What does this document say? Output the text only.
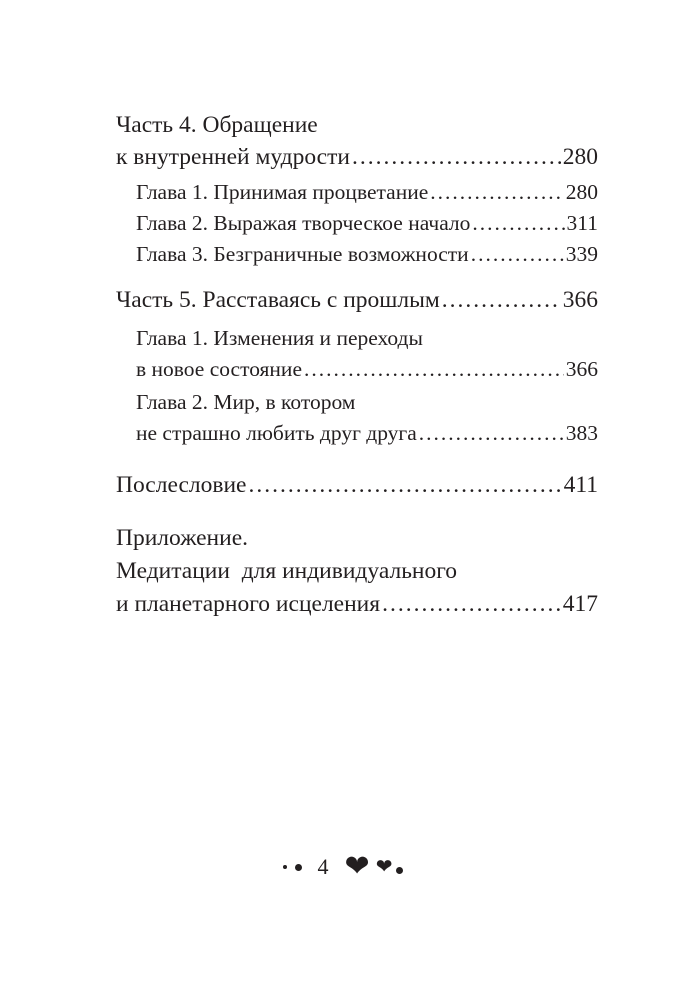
Часть 4. Обращение
к внутренней мудрости .....	280
Глава 1. Принимая процветание .....	280
Глава 2. Выражая творческое начало .....	311
Глава 3. Безграничные возможности .....	339
Часть 5. Расставаясь с прошлым .....	366
Глава 1. Изменения и переходы
в новое состояние .....	366
Глава 2. Мир, в котором
не страшно любить друг друга .....	383
Послесловие .....	411
Приложение.
Медитации  для индивидуального
и планетарного исцеления .....	417
4 ❤ ❤
